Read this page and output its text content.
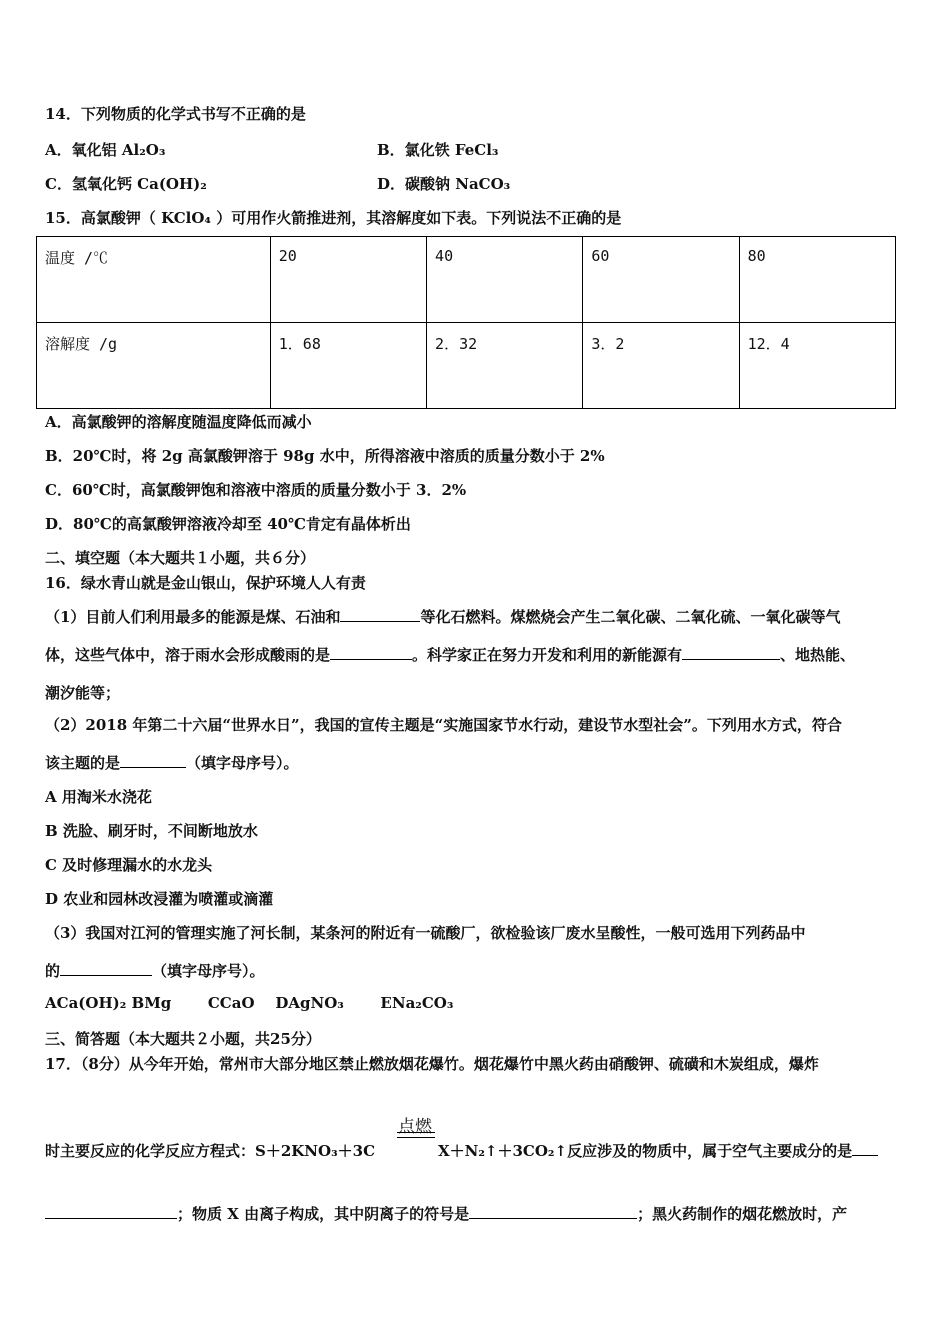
14．下列物质的化学式书写不正确的是
A．氧化铝 Al₂O₃	B．氯化铁 FeCl₃
C．氢氧化钙 Ca(OH)₂	D．碳酸钠 NaCO₃
15．高氯酸钾（ KClO₄ ）可用作火箭推进剂，其溶解度如下表。下列说法不正确的是
温度 /℃	20	40	60	80
溶解度 /g	1．68	2．32	3．2	12．4
A．高氯酸钾的溶解度随温度降低而减小
B．20℃时，将 2g 高氯酸钾溶于 98g 水中，所得溶液中溶质的质量分数小于 2%
C．60℃时，高氯酸钾饱和溶液中溶质的质量分数小于 3．2%
D．80℃的高氯酸钾溶液冷却至 40℃肯定有晶体析出
二、填空题（本大题共１小题，共６分）
16．绿水青山就是金山银山，保护环境人人有责
（1）目前人们利用最多的能源是煤、石油和	等化石燃料。煤燃烧会产生二氧化碳、二氧化硫、一氧化碳等气
体，这些气体中，溶于雨水会形成酸雨的是	。科学家正在努力开发和利用的新能源有	、地热能、
潮汐能等；
（2）2018 年第二十六届“世界水日”，我国的宣传主题是“实施国家节水行动，建设节水型社会”。下列用水方式，符合
该主题的是	（填字母序号）。
A 用淘米水浇花
B 洗脸、刷牙时，不间断地放水
C 及时修理漏水的水龙头
D 农业和园林改浸灌为喷灌或滴灌
（3）我国对江河的管理实施了河长制，某条河的附近有一硫酸厂，欲检验该厂废水呈酸性，一般可选用下列药品中
的	（填字母序号）。
ACa(OH)₂ BMg       CCaO    DAgNO₃       ENa₂CO₃
三、简答题（本大题共２小题，共25分）
17．（8分）从今年开始，常州市大部分地区禁止燃放烟花爆竹。烟花爆竹中黑火药由硝酸钾、硫磺和木炭组成，爆炸
点燃
时主要反应的化学反应方程式：S＋2KNO₃＋3C	X＋N₂↑＋3CO₂↑反应涉及的物质中，属于空气主要成分的是
；物质 X 由离子构成，其中阴离子的符号是	；黑火药制作的烟花燃放时，产
